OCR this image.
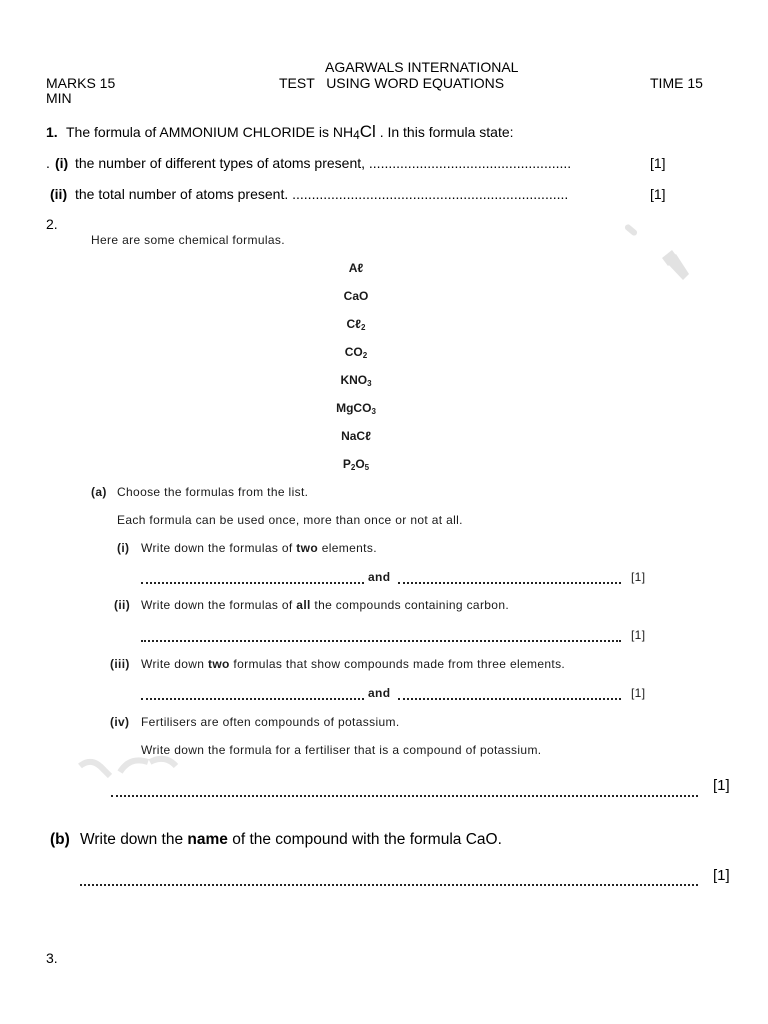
AGARWALS INTERNATIONAL
MARKS 15	TEST   USING WORD EQUATIONS	TIME 15
MIN
1. The formula of AMMONIUM CHLORIDE is NH4Cl . In this formula state:
. (i) the number of different types of atoms present, ....................................................	[1]
(ii) the total number of atoms present. .......................................................................	[1]
2.
Here are some chemical formulas.
Aℓ
CaO
Cℓ$_2$
$CO_2$
$KNO_3$
MgCO$_3$
NaCℓ
$P_2O_5$
(a) Choose the formulas from the list.
Each formula can be used once, more than once or not at all.
(i) Write down the formulas of two elements.
and	[1]
(ii) Write down the formulas of all the compounds containing carbon.
[1]
(iii) Write down two formulas that show compounds made from three elements.
and	[1]
(iv) Fertilisers are often compounds of potassium.
Write down the formula for a fertiliser that is a compound of potassium.
[1]
(b) Write down the name of the compound with the formula CaO.
[1]
3.
